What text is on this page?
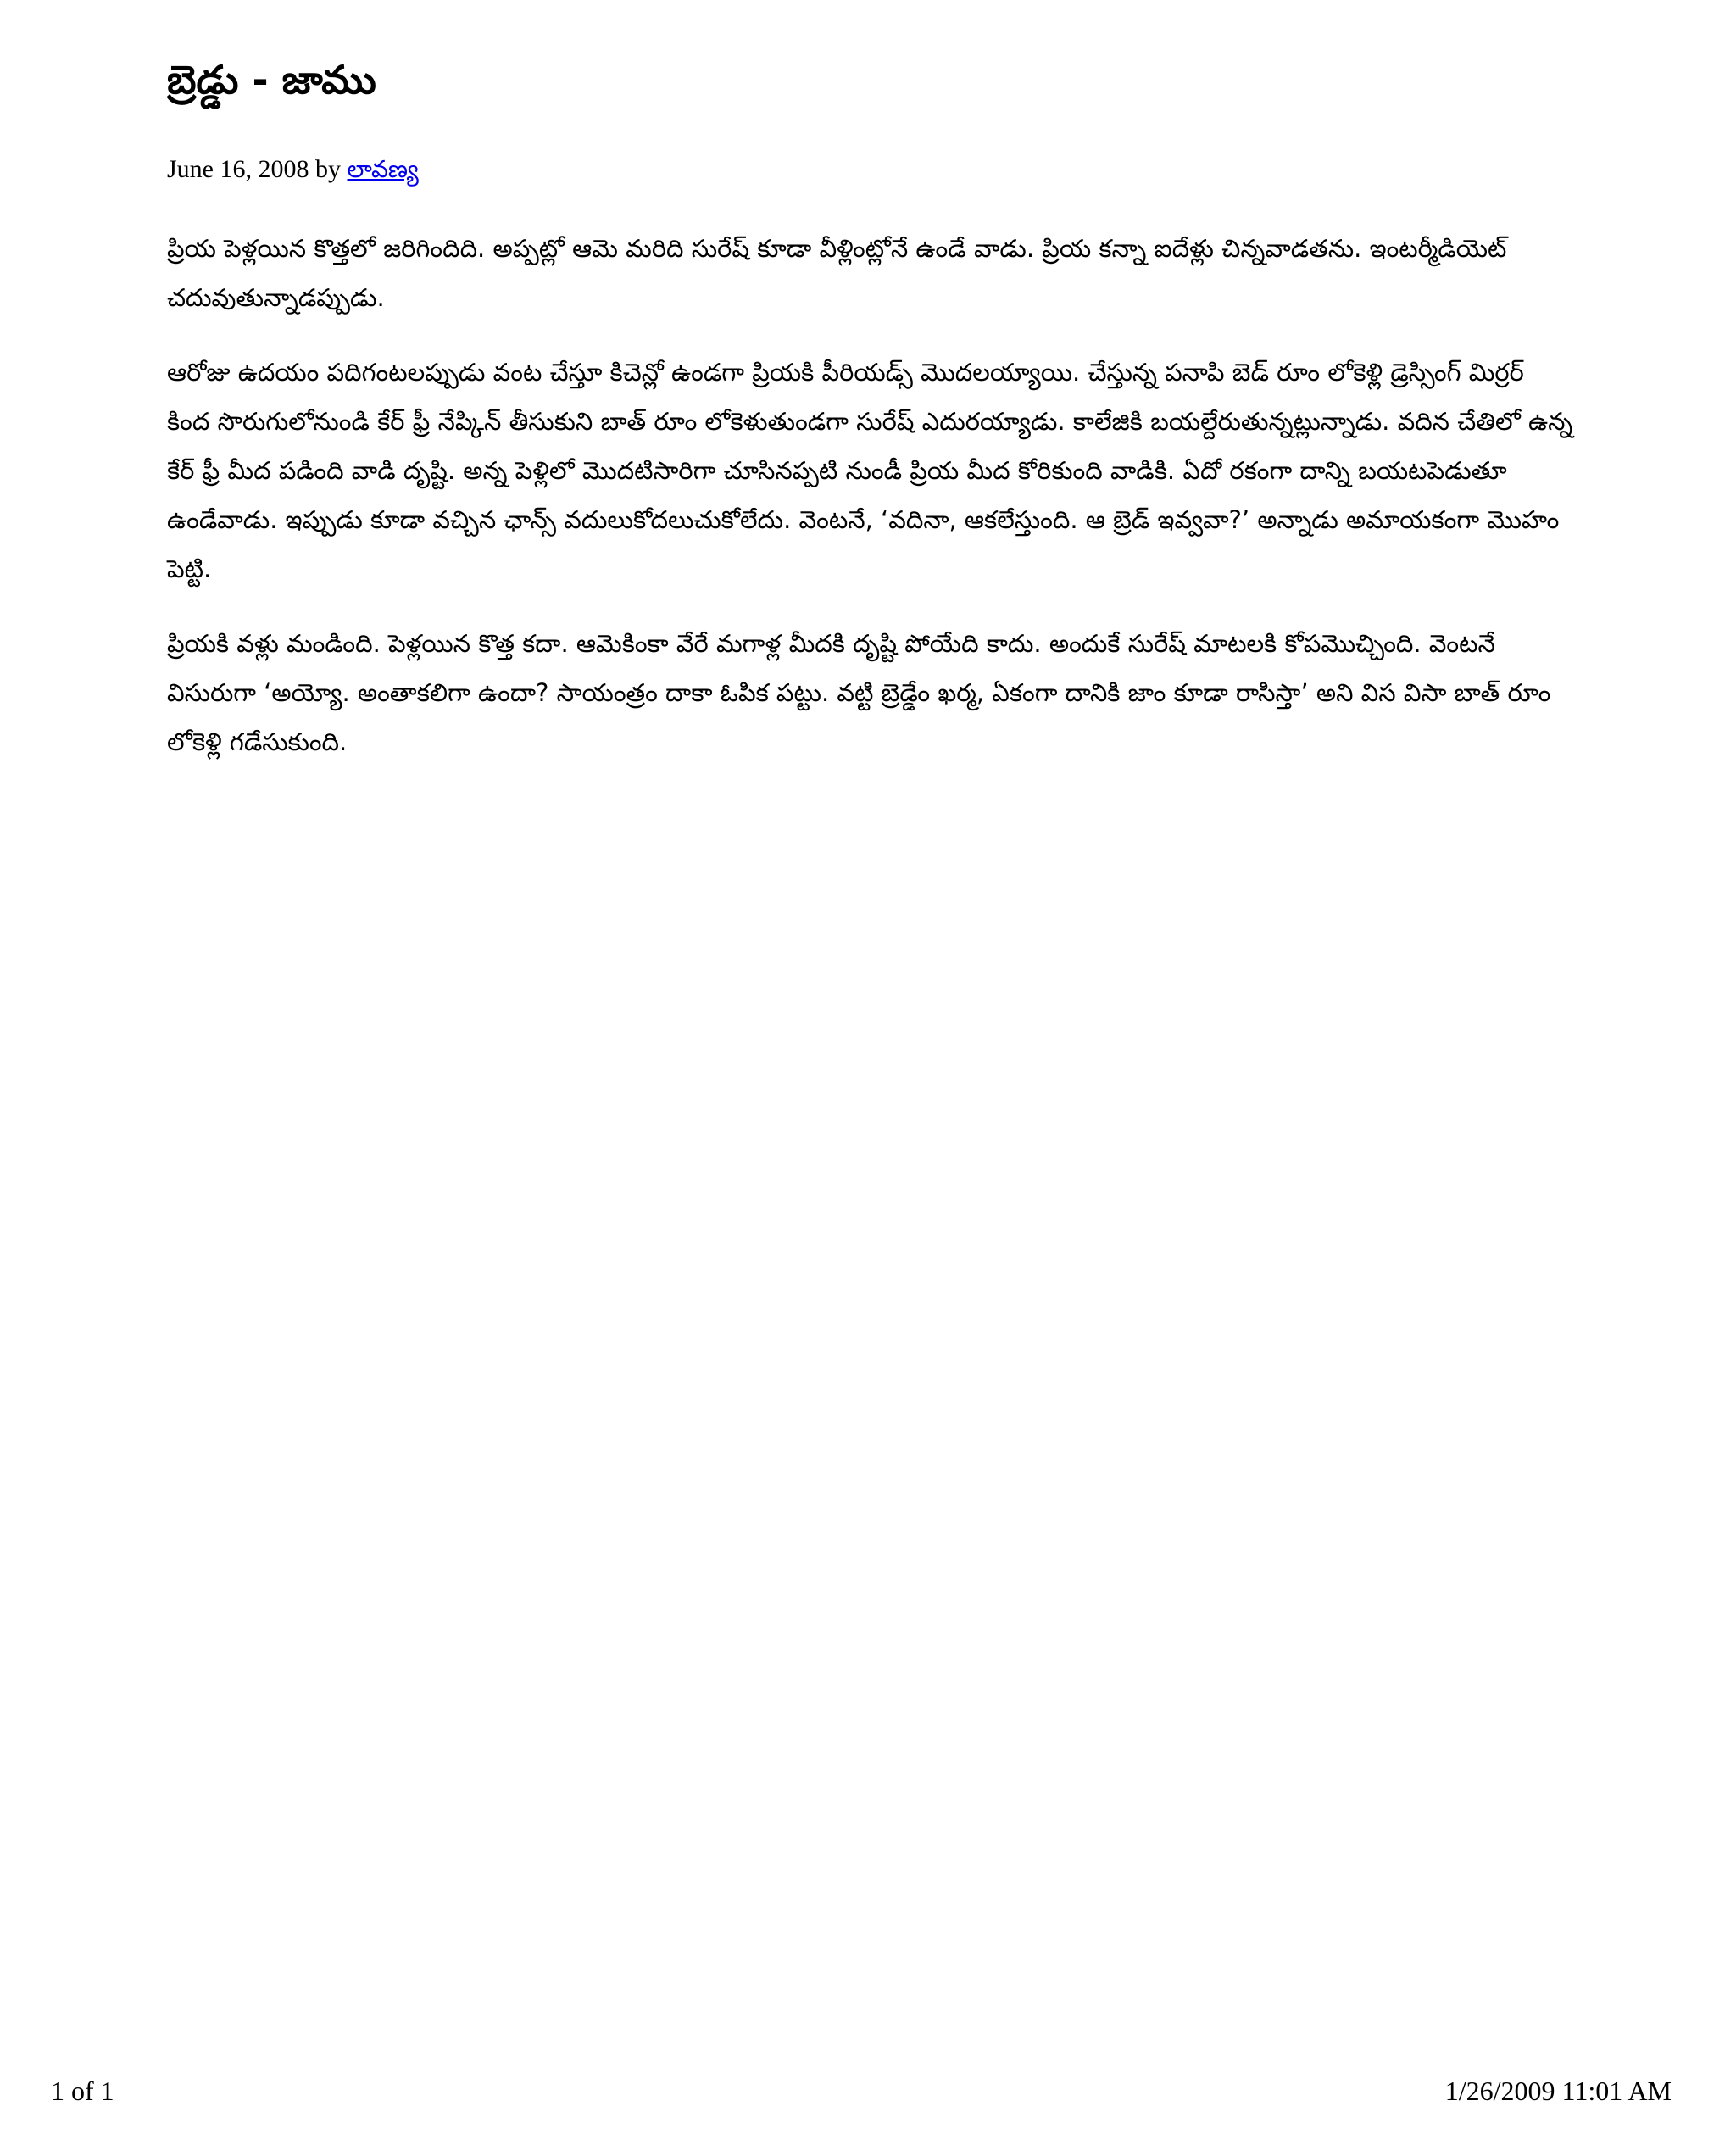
బ్రెడ్డు - జాము
June 16, 2008 by లావణ్య

ప్రియ పెళ్లయిన కొత్తలో జరిగిందిది. అప్పట్లో ఆమె మరిది సురేష్ కూడా వీళ్లింట్లోనే ఉండే వాడు. ప్రియ కన్నా ఐదేళ్లు చిన్నవాడతను. ఇంటర్మీడియెట్ చదువుతున్నాడప్పుడు.

ఆరోజు ఉదయం పదిగంటలప్పుడు వంట చేస్తూ కిచెన్లో ఉండగా ప్రియకి పీరియడ్స్ మొదలయ్యాయి. చేస్తున్న పనాపి బెడ్ రూం లోకెళ్లి డ్రెస్సింగ్ మిర్రర్ కింద సొరుగులోనుండి కేర్ ఫ్రీ నేప్కిన్ తీసుకుని బాత్ రూం లోకెళుతుండగా సురేష్ ఎదురయ్యాడు. కాలేజికి బయల్దేరుతున్నట్లున్నాడు. వదిన చేతిలో ఉన్న కేర్ ఫ్రీ మీద పడింది వాడి దృష్టి. అన్న పెళ్లిలో మొదటిసారిగా చూసినప్పటి నుండీ ప్రియ మీద కోరికుంది వాడికి. ఏదో రకంగా దాన్ని బయటపెడుతూ ఉండేవాడు. ఇప్పుడు కూడా వచ్చిన ఛాన్స్ వదులుకోదలుచుకోలేదు. వెంటనే, ‘వదినా, ఆకలేస్తుంది. ఆ బ్రెడ్ ఇవ్వవా?’ అన్నాడు అమాయకంగా మొహం పెట్టి.

ప్రియకి వళ్లు మండింది. పెళ్లయిన కొత్త కదా. ఆమెకింకా వేరే మగాళ్ల మీదకి దృష్టి పోయేది కాదు. అందుకే సురేష్ మాటలకి కోపమొచ్చింది. వెంటనే విసురుగా ‘అయ్యో. అంతాకలిగా ఉందా? సాయంత్రం దాకా ఓపిక పట్టు. వట్టి బ్రెడ్డేం ఖర్మ, ఏకంగా దానికి జాం కూడా రాసిస్తా’ అని విస విసా బాత్ రూం లోకెళ్లి గడేసుకుంది.

1 of 1	1/26/2009 11:01 AM
